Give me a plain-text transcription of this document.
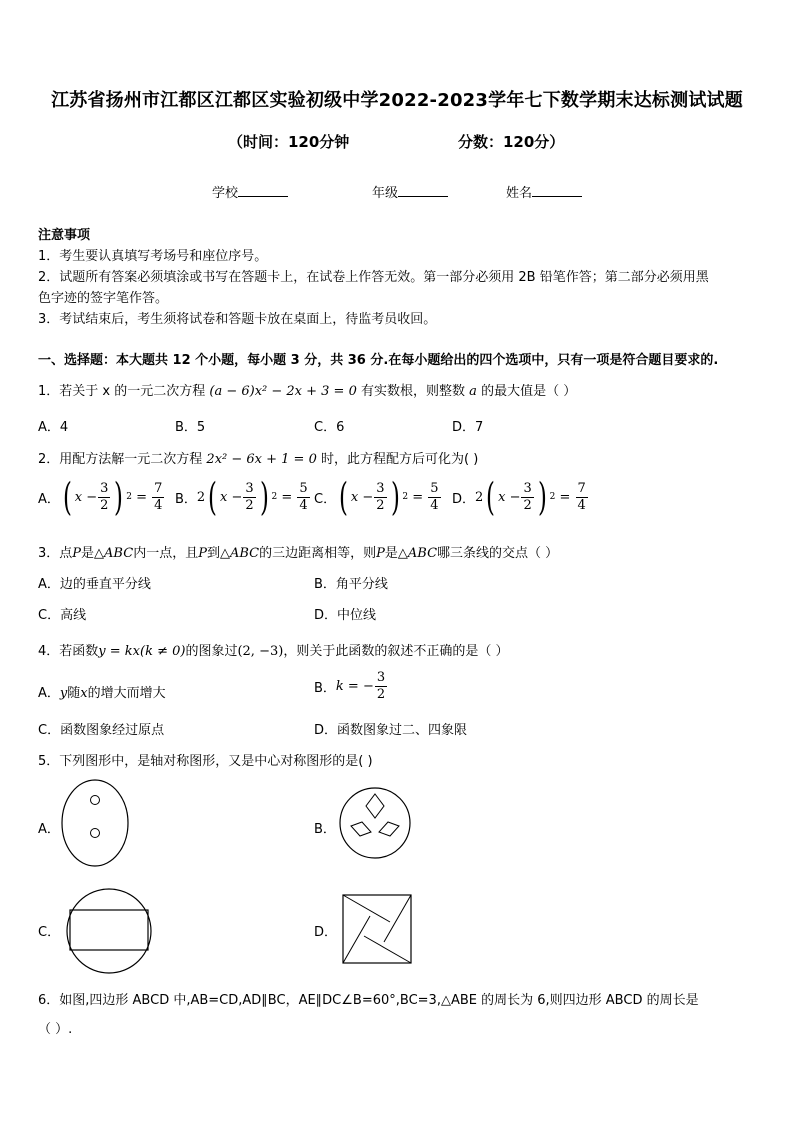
江苏省扬州市江都区江都区实验初级中学2022-2023学年七下数学期末达标测试试题
（时间：120分钟	分数：120分）
学校	年级	姓名
注意事项
1．考生要认真填写考场号和座位序号。
2．试题所有答案必须填涂或书写在答题卡上，在试卷上作答无效。第一部分必须用 2B 铅笔作答；第二部分必须用黑
色字迹的签字笔作答。
3．考试结束后，考生须将试卷和答题卡放在桌面上，待监考员收回。
一、选择题：本大题共 12 个小题，每小题 3 分，共 36 分.在每小题给出的四个选项中，只有一项是符合题目要求的.
1．若关于 x 的一元二次方程 (a − 6)x² − 2x + 3 = 0 有实数根，则整数 a 的最大值是（ ）
A．4	B．5	C．6	D．7
2．用配方法解一元二次方程 2x² − 6x + 1 = 0 时，此方程配方后可化为( )
A． ( $x - \frac{3}{2}$ ) $2 = \frac{7}{4}$ B． 2 ( $x - \frac{3}{2}$ ) $2 = \frac{5}{4}$ C． ( $x - \frac{3}{2}$ ) $2 = \frac{5}{4}$ D． 2 ( $x - \frac{3}{2}$ ) $2 = \frac{7}{4}$
3．点P是△ABC内一点，且P到△ABC的三边距离相等，则P是△ABC哪三条线的交点（ ）
A．边的垂直平分线	B．角平分线
C．高线	D．中位线
4．若函数y = kx(k ≠ 0)的图象过(2, −3)，则关于此函数的叙述不正确的是（ ）
A．y随x的增大而增大	B． k = − $\frac{3}{2}$
C．函数图象经过原点	D．函数图象过二、四象限
5．下列图形中，是轴对称图形，又是中心对称图形的是( )
A．	B．
C．	D．
6．如图,四边形 ABCD 中,AB=CD,AD∥BC，AE∥DC∠B=60°,BC=3,△ABE 的周长为 6,则四边形 ABCD 的周长是
（ ）.
